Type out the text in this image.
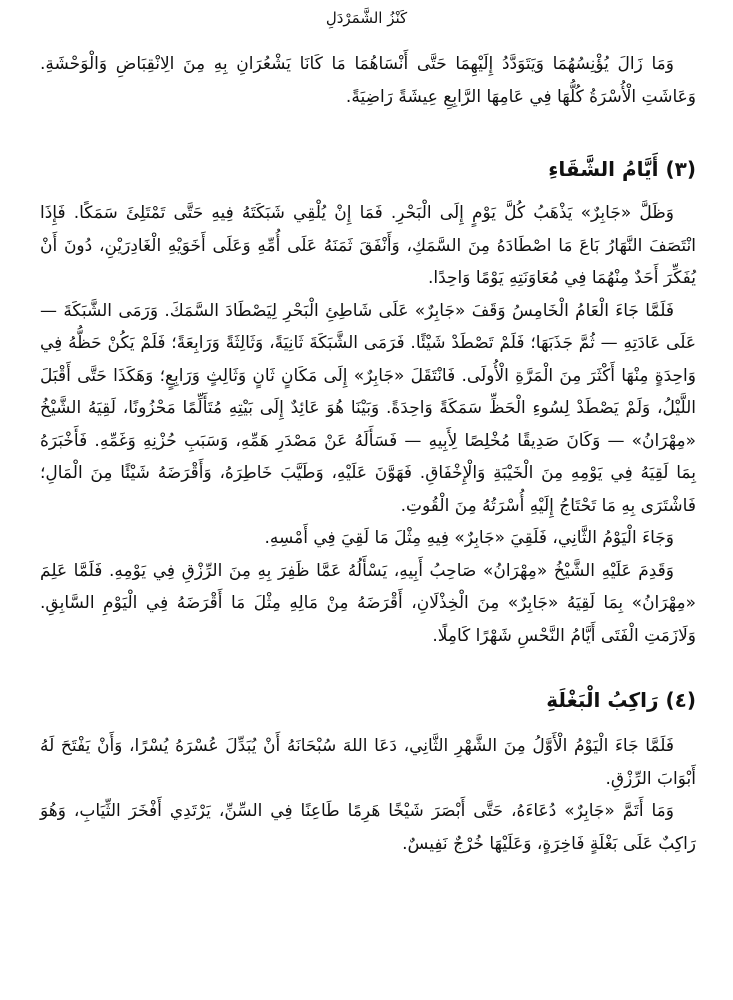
كَنْزُ الشَّمَرْدَلِ

وَمَا زَالَ يُؤْنِسُهُمَا وَيَتَوَدَّدُ إِلَيْهِمَا حَتَّى أَنْسَاهُمَا مَا كَانَا يَشْعُرَانِ بِهِ مِنَ الِانْقِبَاضِ وَالْوَحْشَةِ. وَعَاشَتِ الْأُسْرَةُ كُلُّهَا فِي عَامِهَا الرَّابِعِ عِيشَةً رَاضِيَةً.

(٣) أَيَّامُ الشَّقَاءِ

وَظَلَّ «جَابِرٌ» يَذْهَبُ كُلَّ يَوْمٍ إِلَى الْبَحْرِ. فَمَا إِنْ يُلْقِي شَبَكَتَهُ فِيهِ حَتَّى تَمْتَلِئَ سَمَكًا. فَإِذَا انْتَصَفَ النَّهَارُ بَاعَ مَا اصْطَادَهُ مِنَ السَّمَكِ، وَأَنْفَقَ ثَمَنَهُ عَلَى أُمِّهِ وَعَلَى أَخَوَيْهِ الْغَادِرَيْنِ، دُونَ أَنْ يُفَكِّرَ أَحَدٌ مِنْهُمَا فِي مُعَاوَنَتِهِ يَوْمًا وَاحِدًا.

فَلَمَّا جَاءَ الْعَامُ الْخَامِسُ وَقَفَ «جَابِرٌ» عَلَى شَاطِئِ الْبَحْرِ لِيَصْطَادَ السَّمَكَ. وَرَمَى الشَّبَكَةَ — عَلَى عَادَتِهِ — ثُمَّ جَذَبَهَا؛ فَلَمْ تَصْطَدْ شَيْئًا. فَرَمَى الشَّبَكَةَ ثَانِيَةً، وَثَالِثَةً وَرَابِعَةً؛ فَلَمْ يَكُنْ حَظُّهُ فِي وَاحِدَةٍ مِنْهَا أَكْثَرَ مِنَ الْمَرَّةِ الْأُولَى. فَانْتَقَلَ «جَابِرٌ» إِلَى مَكَانٍ ثَانٍ وَثَالِثٍ وَرَابِعٍ؛ وَهَكَذَا حَتَّى أَقْبَلَ اللَّيْلُ، وَلَمْ يَصْطَدْ لِسُوءِ الْحَظِّ سَمَكَةً وَاحِدَةً. وَبَيْنَا هُوَ عَائِدٌ إِلَى بَيْتِهِ مُتَأَلِّمًا مَحْزُونًا، لَقِيَهُ الشَّيْخُ «مِهْرَانُ» — وَكَانَ صَدِيقًا مُخْلِصًا لِأَبِيهِ — فَسَأَلَهُ عَنْ مَصْدَرِ هَمِّهِ، وَسَبَبِ حُزْنِهِ وَغَمِّهِ. فَأَخْبَرَهُ بِمَا لَقِيَهُ فِي يَوْمِهِ مِنَ الْخَيْبَةِ وَالْإِخْفَاقِ. فَهَوَّنَ عَلَيْهِ، وَطَيَّبَ خَاطِرَهُ، وَأَقْرَضَهُ شَيْئًا مِنَ الْمَالِ؛ فَاشْتَرَى بِهِ مَا تَحْتَاجُ إِلَيْهِ أُسْرَتُهُ مِنَ الْقُوتِ.

وَجَاءَ الْيَوْمُ الثَّانِي، فَلَقِيَ «جَابِرٌ» فِيهِ مِثْلَ مَا لَقِيَ فِي أَمْسِهِ.

وَقَدِمَ عَلَيْهِ الشَّيْخُ «مِهْرَانُ» صَاحِبُ أَبِيهِ، يَسْأَلُهُ عَمَّا ظَفِرَ بِهِ مِنَ الرِّزْقِ فِي يَوْمِهِ. فَلَمَّا عَلِمَ «مِهْرَانُ» بِمَا لَقِيَهُ «جَابِرٌ» مِنَ الْخِذْلَانِ، أَقْرَضَهُ مِنْ مَالِهِ مِثْلَ مَا أَقْرَضَهُ فِي الْيَوْمِ السَّابِقِ. وَلَازَمَتِ الْفَتَى أَيَّامُ النَّحْسِ شَهْرًا كَامِلًا.

(٤) رَاكِبُ الْبَغْلَةِ

فَلَمَّا جَاءَ الْيَوْمُ الْأَوَّلُ مِنَ الشَّهْرِ الثَّانِي، دَعَا اللهَ سُبْحَانَهُ أَنْ يُبَدِّلَ عُسْرَهُ يُسْرًا، وَأَنْ يَفْتَحَ لَهُ أَبْوَابَ الرِّزْقِ.

وَمَا أَتَمَّ «جَابِرٌ» دُعَاءَهُ، حَتَّى أَبْصَرَ شَيْخًا هَرِمًا طَاعِنًا فِي السِّنِّ، يَرْتَدِي أَفْخَرَ الثِّيَابِ، وَهُوَ رَاكِبٌ عَلَى بَغْلَةٍ فَاخِرَةٍ، وَعَلَيْهَا خُرْجٌ نَفِيسٌ.
